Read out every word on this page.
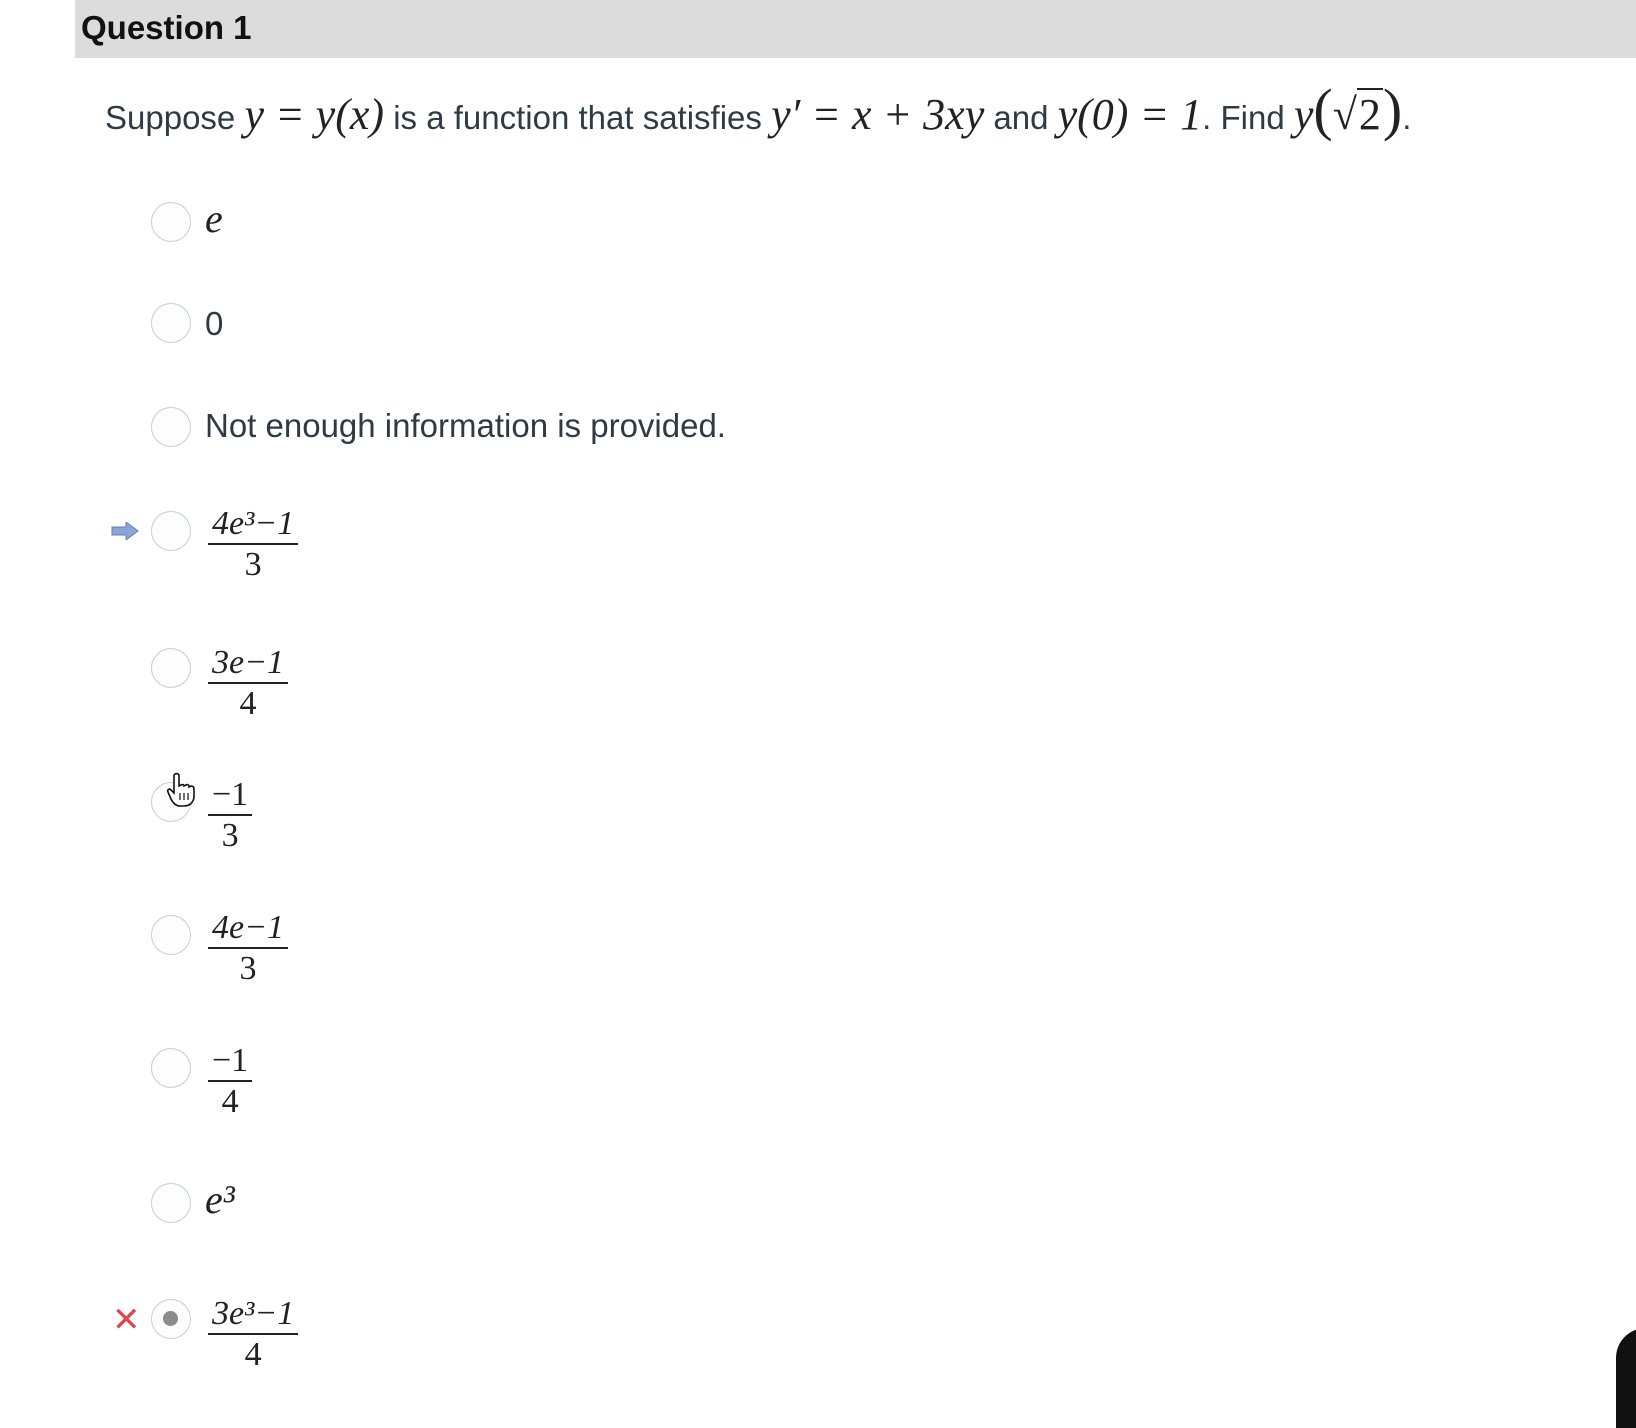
Question 1
Suppose y = y(x) is a function that satisfies y′ = x + 3xy and y(0) = 1. Find y(√2).
e
0
Not enough information is provided.
4e³−1
3
3e−1
4
−1
3
4e−1
3
−1
4
e³
✕ 3e³−1
4
